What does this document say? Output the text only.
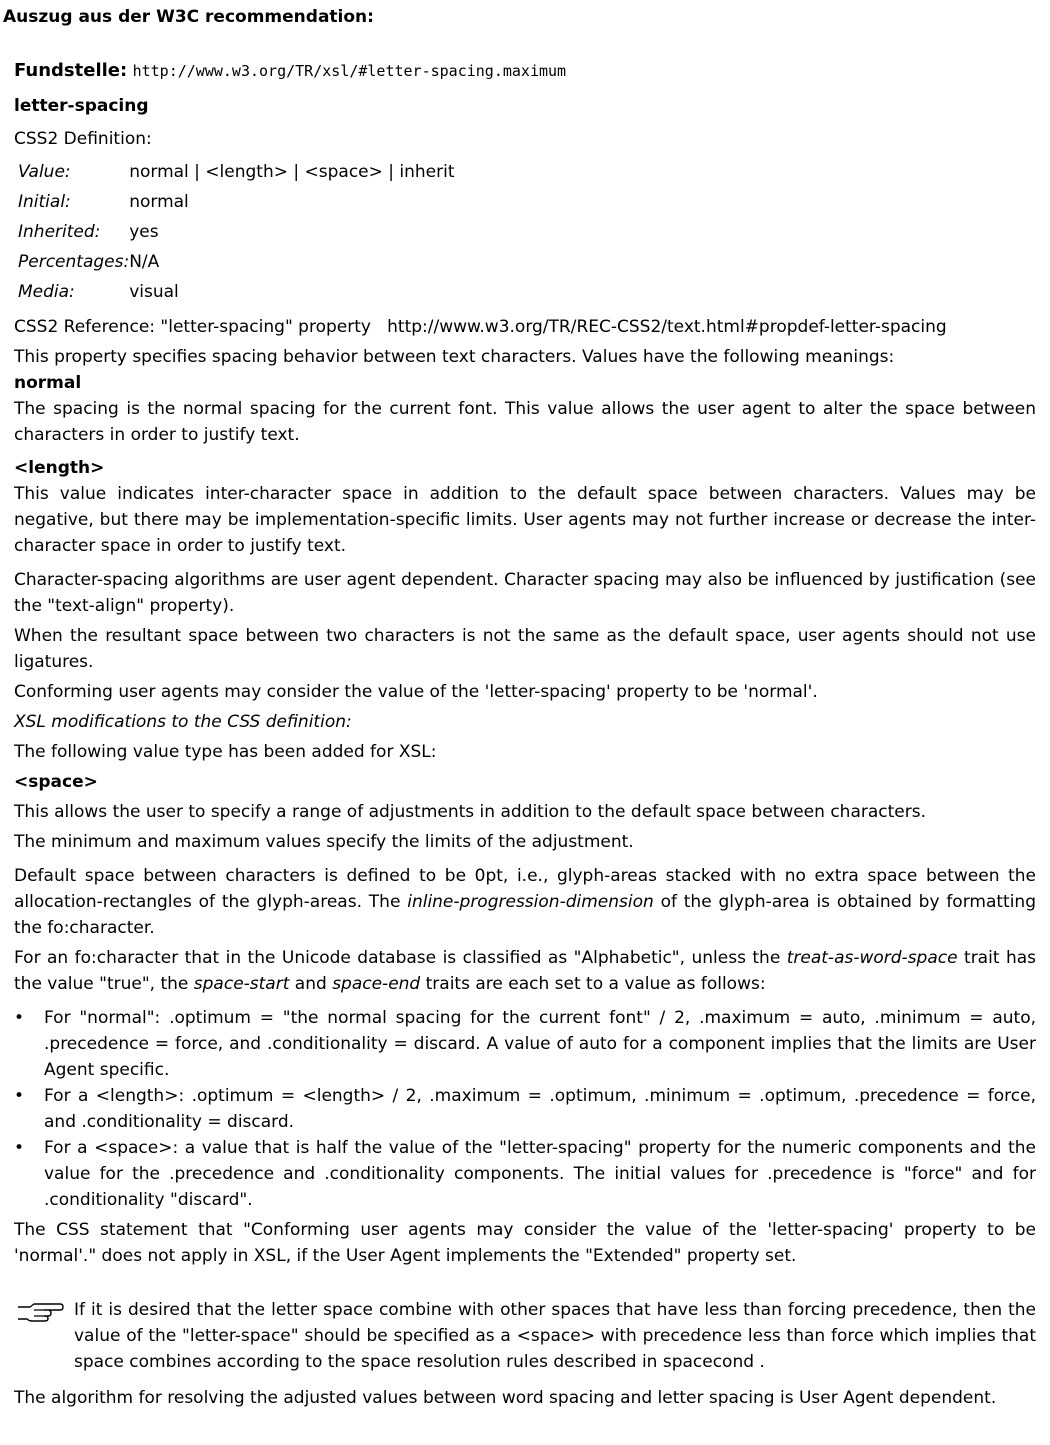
Auszug aus der W3C recommendation:
Fundstelle: http://www.w3.org/TR/xsl/#letter-spacing.maximum

letter-spacing

CSS2 Definition:

Value:	normal | <length> | <space> | inherit
Initial:	normal
Inherited:	yes
Percentages:	N/A
Media:	visual

CSS2 Reference: "letter-spacing" property http://www.w3.org/TR/REC-CSS2/text.html#propdef-letter-spacing

This property specifies spacing behavior between text characters. Values have the following meanings:

normal

The spacing is the normal spacing for the current font. This value allows the user agent to alter the space between characters in order to justify text.

<length>

This value indicates inter-character space in addition to the default space between characters. Values may be negative, but there may be implementation-specific limits. User agents may not further increase or decrease the inter-character space in order to justify text.

Character-spacing algorithms are user agent dependent. Character spacing may also be influenced by justification (see the "text-align" property).

When the resultant space between two characters is not the same as the default space, user agents should not use ligatures.

Conforming user agents may consider the value of the 'letter-spacing' property to be 'normal'.

XSL modifications to the CSS definition:

The following value type has been added for XSL:

<space>

This allows the user to specify a range of adjustments in addition to the default space between characters.

The minimum and maximum values specify the limits of the adjustment.

Default space between characters is defined to be 0pt, i.e., glyph-areas stacked with no extra space between the allocation-rectangles of the glyph-areas. The inline-progression-dimension of the glyph-area is obtained by formatting the fo:character.

For an fo:character that in the Unicode database is classified as "Alphabetic", unless the treat-as-word-space trait has the value "true", the space-start and space-end traits are each set to a value as follows:

• For "normal": .optimum = "the normal spacing for the current font" / 2, .maximum = auto, .minimum = auto, .precedence = force, and .conditionality = discard. A value of auto for a component implies that the limits are User Agent specific.
• For a <length>: .optimum = <length> / 2, .maximum = .optimum, .minimum = .optimum, .precedence = force, and .conditionality = discard.
• For a <space>: a value that is half the value of the "letter-spacing" property for the numeric components and the value for the .precedence and .conditionality components. The initial values for .precedence is "force" and for .conditionality "discard".

The CSS statement that "Conforming user agents may consider the value of the 'letter-spacing' property to be 'normal'." does not apply in XSL, if the User Agent implements the "Extended" property set.

If it is desired that the letter space combine with other spaces that have less than forcing precedence, then the value of the "letter-space" should be specified as a <space> with precedence less than force which implies that space combines according to the space resolution rules described in spacecond .

The algorithm for resolving the adjusted values between word spacing and letter spacing is User Agent dependent.
